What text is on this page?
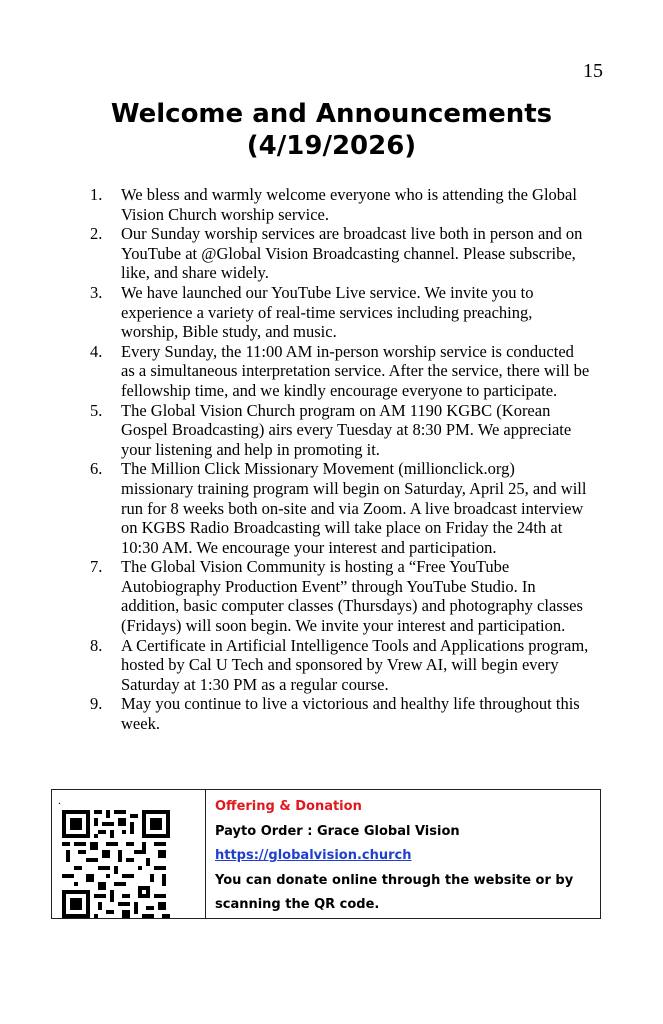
15
Welcome and Announcements
(4/19/2026)
1. We bless and warmly welcome everyone who is attending the Global Vision Church worship service.
2. Our Sunday worship services are broadcast live both in person and on YouTube at @Global Vision Broadcasting channel. Please subscribe, like, and share widely.
3. We have launched our YouTube Live service. We invite you to experience a variety of real-time services including preaching, worship, Bible study, and music.
4. Every Sunday, the 11:00 AM in-person worship service is conducted as a simultaneous interpretation service. After the service, there will be fellowship time, and we kindly encourage everyone to participate.
5. The Global Vision Church program on AM 1190 KGBC (Korean Gospel Broadcasting) airs every Tuesday at 8:30 PM. We appreciate your listening and help in promoting it.
6. The Million Click Missionary Movement (millionclick.org) missionary training program will begin on Saturday, April 25, and will run for 8 weeks both on-site and via Zoom. A live broadcast interview on KGBS Radio Broadcasting will take place on Friday the 24th at 10:30 AM. We encourage your interest and participation.
7. The Global Vision Community is hosting a “Free YouTube Autobiography Production Event” through YouTube Studio. In addition, basic computer classes (Thursdays) and photography classes (Fridays) will soon begin. We invite your interest and participation.
8. A Certificate in Artificial Intelligence Tools and Applications program, hosted by Cal U Tech and sponsored by Vrew AI, will begin every Saturday at 1:30 PM as a regular course.
9. May you continue to live a victorious and healthy life throughout this week.
.	Offering & Donation
Payto Order : Grace Global Vision
https://globalvision.church
You can donate online through the website or by
scanning the QR code.
